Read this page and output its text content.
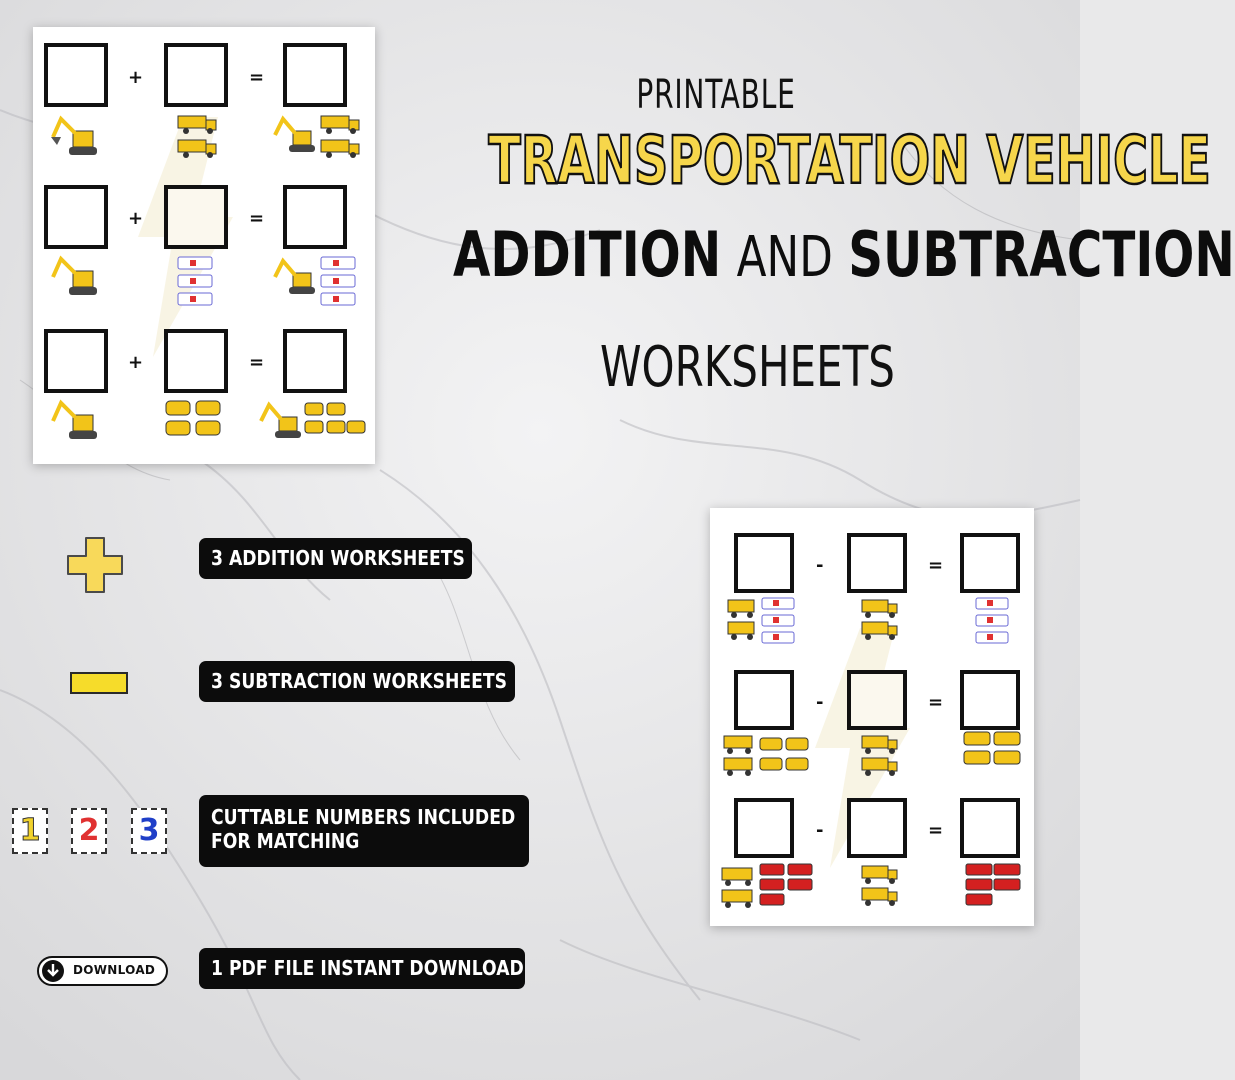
+	=
+	=
+	=
PRINTABLE
TRANSPORTATION VEHICLE
ADDITION AND SUBTRACTION
WORKSHEETS
3 ADDITION WORKSHEETS
3 SUBTRACTION WORKSHEETS
1 2 3	CUTTABLE NUMBERS INCLUDED
FOR MATCHING
DOWNLOAD	1 PDF FILE INSTANT DOWNLOAD
-	=
-	=
-	=
